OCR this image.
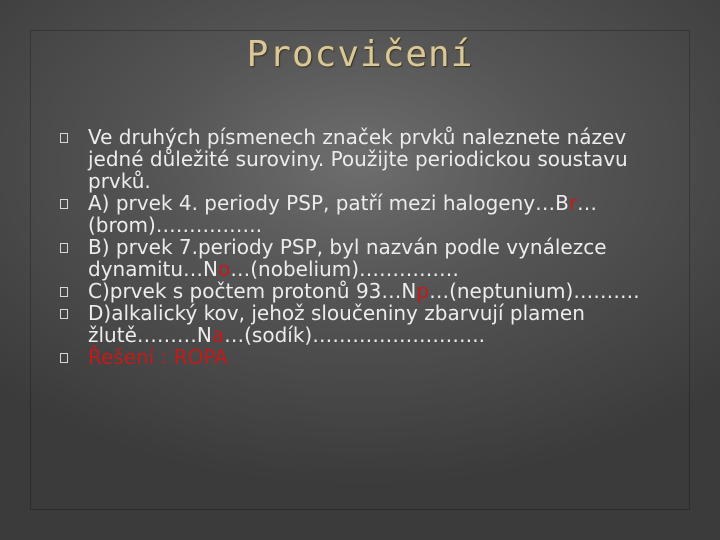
Procvičení
Ve druhých písmenech značek prvků naleznete název jedné důležité suroviny. Použijte periodickou soustavu prvků.
A) prvek 4. periody PSP, patří mezi halogeny…Br…(brom)…………….
B) prvek 7.periody PSP, byl nazván podle vynálezce dynamitu…No…(nobelium)……………
C)prvek s počtem protonů 93…Np…(neptunium)……….
D)alkalický kov, jehož sloučeniny zbarvují plamen žlutě………Na…(sodík)……………………..
Řešení : ROPA
